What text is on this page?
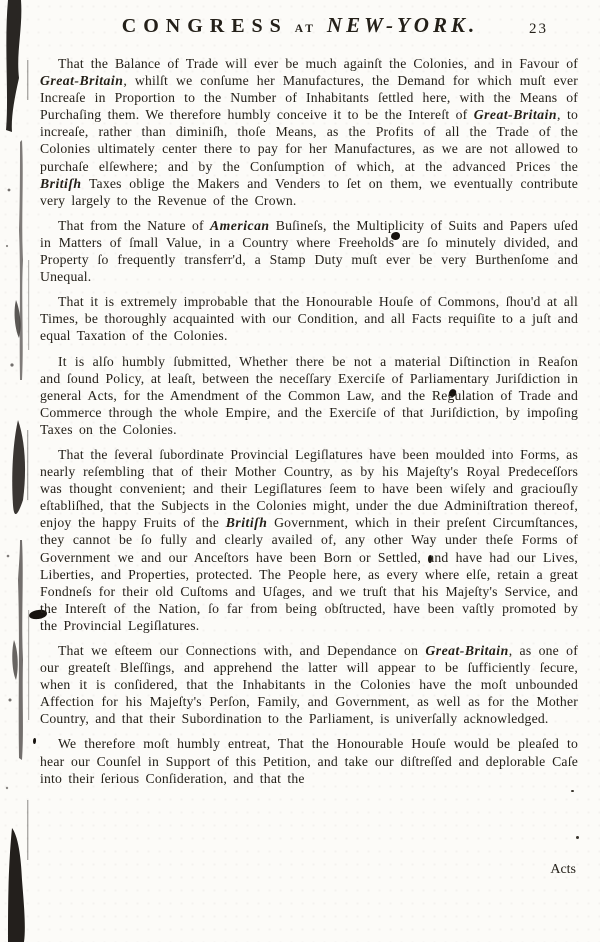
CONGRESS AT NEW-YORK.	23

That the Balance of Trade will ever be much againſt the Colonies, and in Favour of Great-Britain, whilſt we conſume her Manufactures, the Demand for which muſt ever Increaſe in Proportion to the Number of Inhabitants ſettled here, with the Means of Purchaſing them. We therefore humbly conceive it to be the Intereſt of Great-Britain, to increaſe, rather than diminiſh, thoſe Means, as the Profits of all the Trade of the Colonies ultimately center there to pay for her Manufactures, as we are not allowed to purchaſe elſewhere; and by the Conſumption of which, at the advanced Prices the Britiſh Taxes oblige the Makers and Venders to ſet on them, we eventually contribute very largely to the Revenue of the Crown.

That from the Nature of American Buſineſs, the Multiplicity of Suits and Papers uſed in Matters of ſmall Value, in a Country where Freeholds are ſo minutely divided, and Property ſo frequently transferr'd, a Stamp Duty muſt ever be very Burthenſome and Unequal.

That it is extremely improbable that the Honourable Houſe of Commons, ſhou'd at all Times, be thoroughly acquainted with our Condition, and all Facts requiſite to a juſt and equal Taxation of the Colonies.

It is alſo humbly ſubmitted, Whether there be not a material Diſtinction in Reaſon and ſound Policy, at leaſt, between the neceſſary Exerciſe of Parliamentary Juriſdiction in general Acts, for the Amendment of the Common Law, and the Regulation of Trade and Commerce through the whole Empire, and the Exerciſe of that Juriſdiction, by impoſing Taxes on the Colonies.

That the ſeveral ſubordinate Provincial Legiſlatures have been moulded into Forms, as nearly reſembling that of their Mother Country, as by his Majeſty's Royal Predeceſſors was thought convenient; and their Legiſlatures ſeem to have been wiſely and graciouſly eſtabliſhed, that the Subjects in the Colonies might, under the due Adminiſtration thereof, enjoy the happy Fruits of the Britiſh Government, which in their preſent Circumſtances, they cannot be ſo fully and clearly availed of, any other Way under theſe Forms of Government we and our Anceſtors have been Born or Settled, and have had our Lives, Liberties, and Properties, protected. The People here, as every where elſe, retain a great Fondneſs for their old Cuſtoms and Uſages, and we truſt that his Majeſty's Service, and the Intereſt of the Nation, ſo far from being obſtructed, have been vaſtly promoted by the Provincial Legiſlatures.

That we eſteem our Connections with, and Dependance on Great-Britain, as one of our greateſt Bleſſings, and apprehend the latter will appear to be ſufficiently ſecure, when it is conſidered, that the Inhabitants in the Colonies have the moſt unbounded Affection for his Majeſty's Perſon, Family, and Government, as well as for the Mother Country, and that their Subordination to the Parliament, is univerſally acknowledged.

We therefore moſt humbly entreat, That the Honourable Houſe would be pleaſed to hear our Counſel in Support of this Petition, and take our diſtreſſed and deplorable Caſe into their ſerious Conſideration, and that the

Acts
